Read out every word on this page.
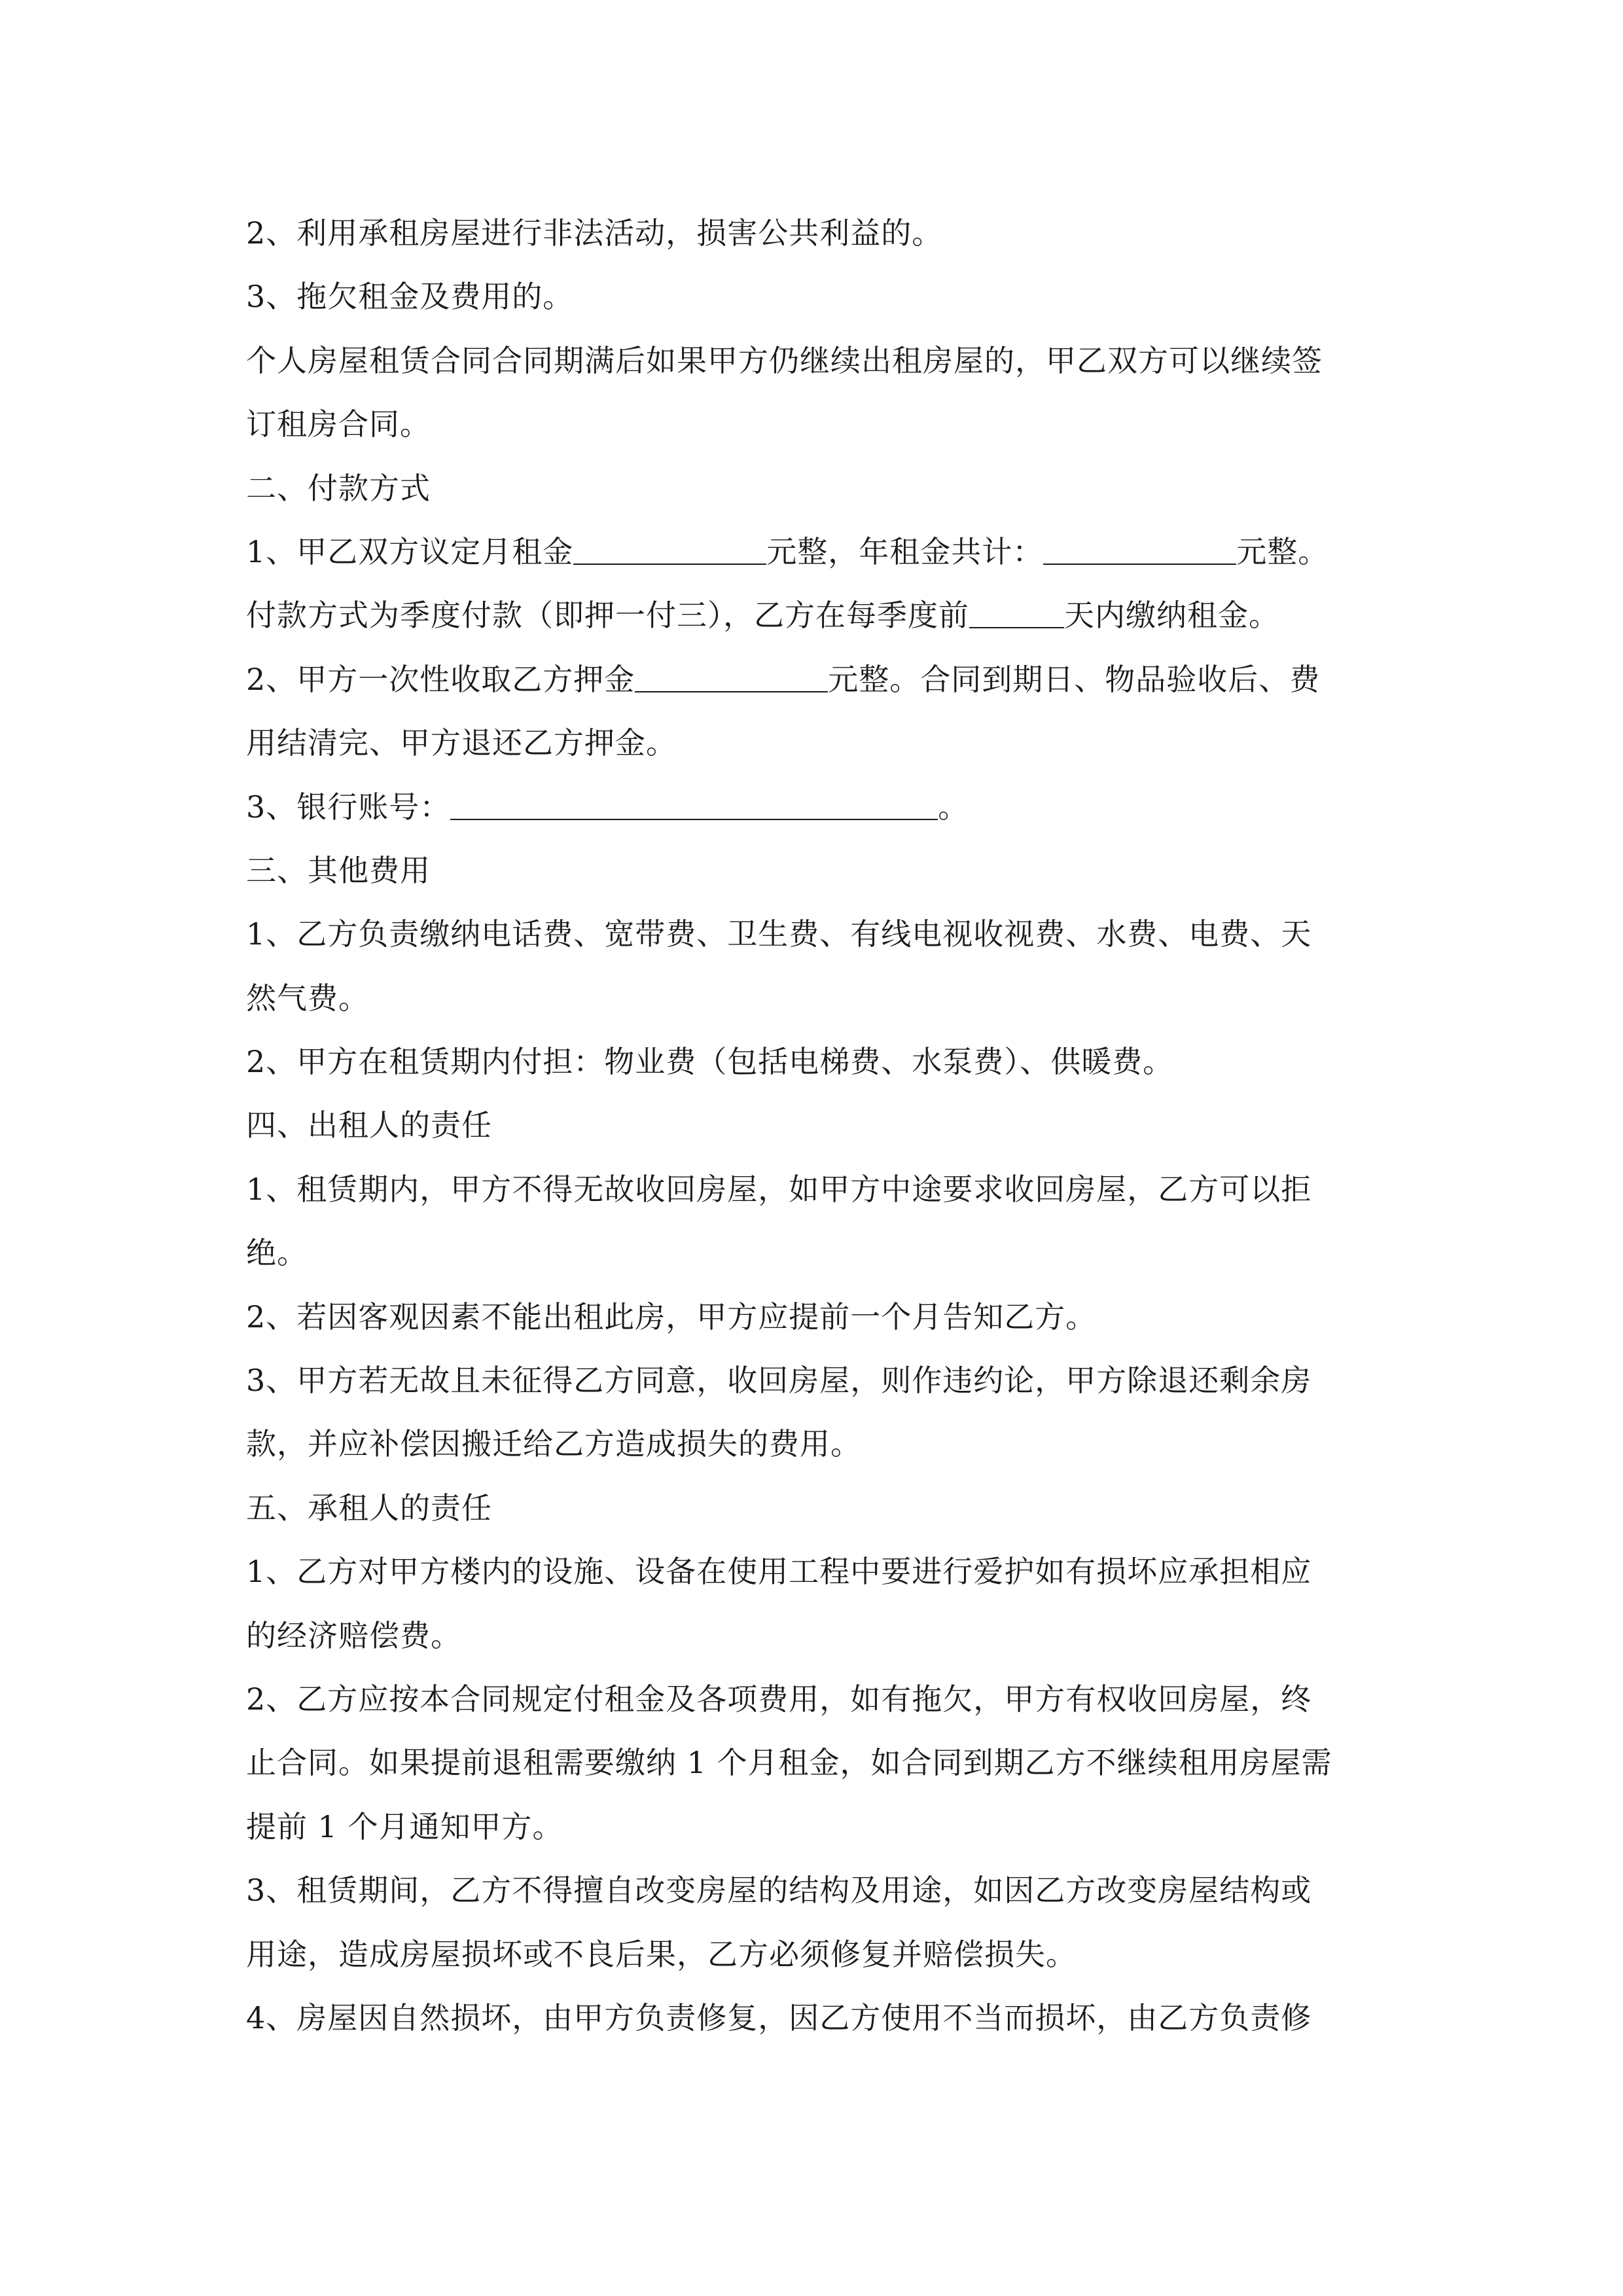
2、利用承租房屋进行非法活动，损害公共利益的。
3、拖欠租金及费用的。
个人房屋租赁合同合同期满后如果甲方仍继续出租房屋的，甲乙双方可以继续签
订租房合同。
二、付款方式
1、甲乙双方议定月租金	元整，年租金共计：	元整。
付款方式为季度付款（即押一付三），乙方在每季度前	天内缴纳租金。
2、甲方一次性收取乙方押金	元整。合同到期日、物品验收后、费
用结清完、甲方退还乙方押金。
3、银行账号：	。
三、其他费用
1、乙方负责缴纳电话费、宽带费、卫生费、有线电视收视费、水费、电费、天
然气费。
2、甲方在租赁期内付担：物业费（包括电梯费、水泵费）、供暖费。
四、出租人的责任
1、租赁期内，甲方不得无故收回房屋，如甲方中途要求收回房屋，乙方可以拒
绝。
2、若因客观因素不能出租此房，甲方应提前一个月告知乙方。
3、甲方若无故且未征得乙方同意，收回房屋，则作违约论，甲方除退还剩余房
款，并应补偿因搬迁给乙方造成损失的费用。
五、承租人的责任
1、乙方对甲方楼内的设施、设备在使用工程中要进行爱护如有损坏应承担相应
的经济赔偿费。
2、乙方应按本合同规定付租金及各项费用，如有拖欠，甲方有权收回房屋，终
止合同。如果提前退租需要缴纳 1 个月租金，如合同到期乙方不继续租用房屋需
提前 1 个月通知甲方。
3、租赁期间，乙方不得擅自改变房屋的结构及用途，如因乙方改变房屋结构或
用途，造成房屋损坏或不良后果，乙方必须修复并赔偿损失。
4、房屋因自然损坏，由甲方负责修复，因乙方使用不当而损坏，由乙方负责修
